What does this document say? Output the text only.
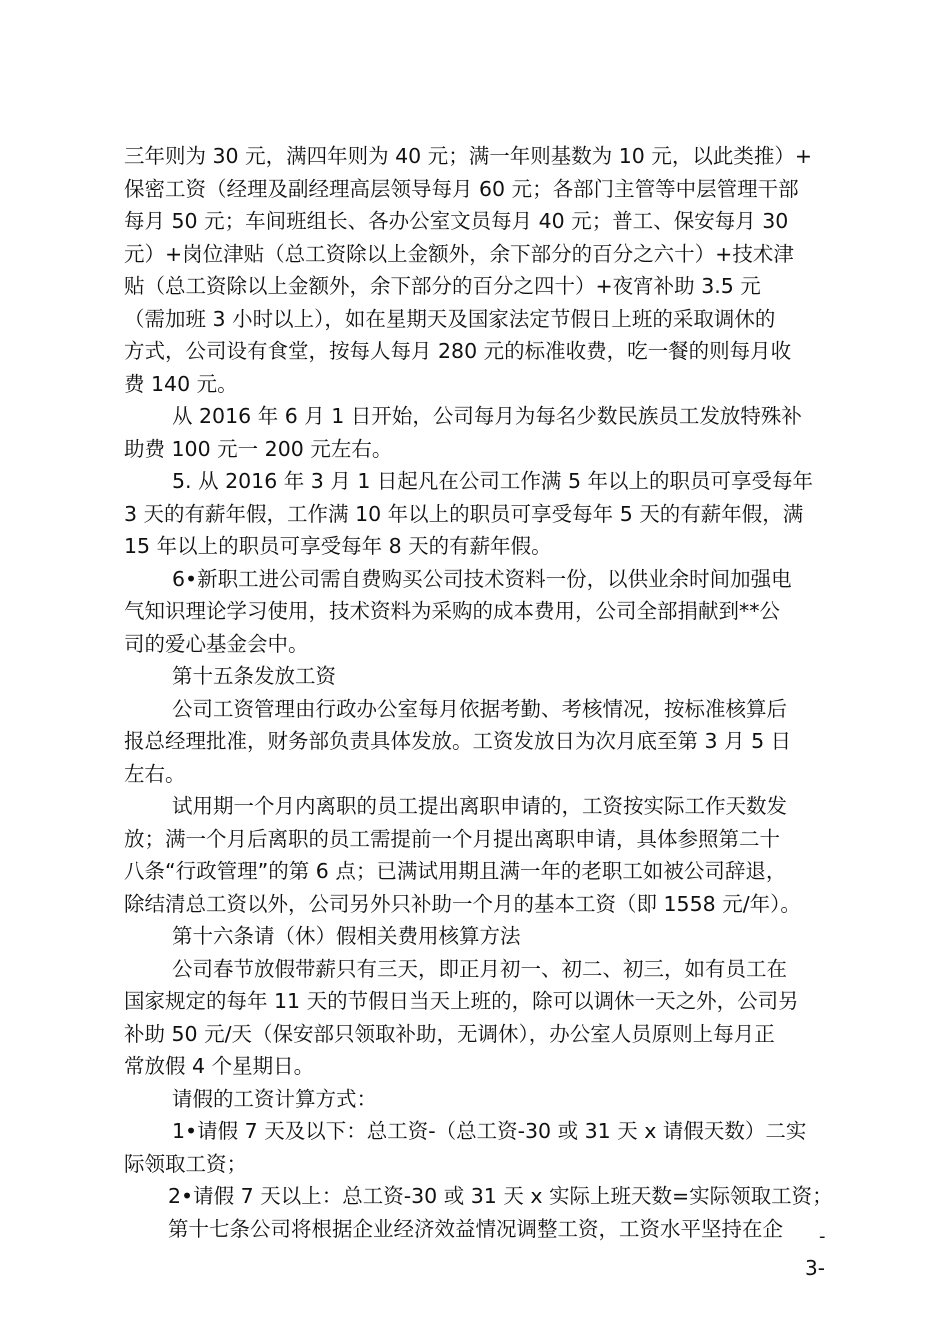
三年则为 30 元，满四年则为 40 元；满一年则基数为 10 元，以此类推）+
保密工资（经理及副经理高层领导每月 60 元；各部门主管等中层管理干部
每月 50 元；车间班组长、各办公室文员每月 40 元；普工、保安每月 30
元）+岗位津贴（总工资除以上金额外，余下部分的百分之六十）+技术津
贴（总工资除以上金额外，余下部分的百分之四十）+夜宵补助 3.5 元
（需加班 3 小时以上），如在星期天及国家法定节假日上班的采取调休的
方式，公司设有食堂，按每人每月 280 元的标准收费，吃一餐的则每月收
费 140 元。
从 2016 年 6 月 1 日开始，公司每月为每名少数民族员工发放特殊补
助费 100 元一 200 元左右。
5. 从 2016 年 3 月 1 日起凡在公司工作满 5 年以上的职员可享受每年
3 天的有薪年假，工作满 10 年以上的职员可享受每年 5 天的有薪年假，满
15 年以上的职员可享受每年 8 天的有薪年假。
6•新职工进公司需自费购买公司技术资料一份，以供业余时间加强电
气知识理论学习使用，技术资料为采购的成本费用，公司全部捐献到**公
司的爱心基金会中。
第十五条发放工资
公司工资管理由行政办公室每月依据考勤、考核情况，按标准核算后
报总经理批准，财务部负责具体发放。工资发放日为次月底至第 3 月 5 日
左右。
试用期一个月内离职的员工提出离职申请的，工资按实际工作天数发
放；满一个月后离职的员工需提前一个月提出离职申请，具体参照第二十
八条“行政管理”的第 6 点；已满试用期且满一年的老职工如被公司辞退，
除结清总工资以外，公司另外只补助一个月的基本工资（即 1558 元/年）。
第十六条请（休）假相关费用核算方法
公司春节放假带薪只有三天，即正月初一、初二、初三，如有员工在
国家规定的每年 11 天的节假日当天上班的，除可以调休一天之外，公司另
补助 50 元/天（保安部只领取补助，无调休），办公室人员原则上每月正
常放假 4 个星期日。
请假的工资计算方式：
1•请假 7 天及以下：总工资-（总工资-30 或 31 天 x 请假天数）二实
际领取工资；
2•请假 7 天以上：总工资-30 或 31 天 x 实际上班天数=实际领取工资；
第十七条公司将根据企业经济效益情况调整工资，工资水平坚持在企	-
3-
